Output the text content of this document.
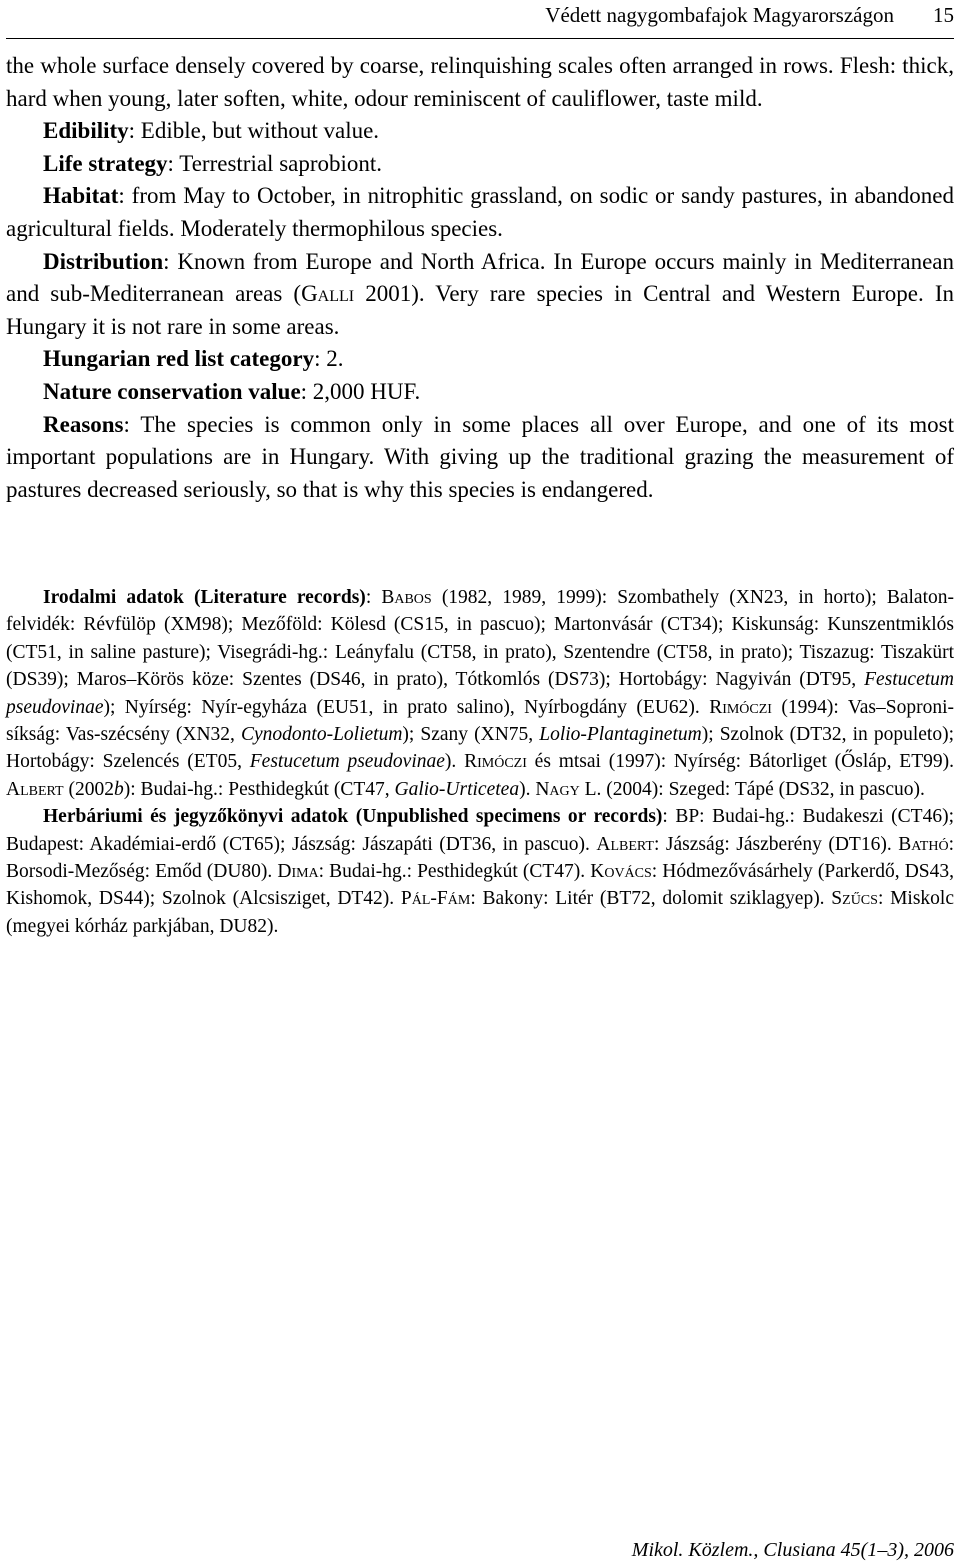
Védett nagygombafajok Magyarországon 15

the whole surface densely covered by coarse, relinquishing scales often arranged in rows. Flesh: thick, hard when young, later soften, white, odour reminiscent of cauliflower, taste mild.

Edibility: Edible, but without value.

Life strategy: Terrestrial saprobiont.

Habitat: from May to October, in nitrophitic grassland, on sodic or sandy pastures, in abandoned agricultural fields. Moderately thermophilous species.

Distribution: Known from Europe and North Africa. In Europe occurs mainly in Mediterranean and sub-Mediterranean areas (Galli 2001). Very rare species in Central and Western Europe. In Hungary it is not rare in some areas.

Hungarian red list category: 2.

Nature conservation value: 2,000 HUF.

Reasons: The species is common only in some places all over Europe, and one of its most important populations are in Hungary. With giving up the traditional grazing the measurement of pastures decreased seriously, so that is why this species is endangered.

Irodalmi adatok (Literature records): Babos (1982, 1989, 1999): Szombathely (XN23, in horto); Balaton-felvidék: Révfülöp (XM98); Mezőföld: Kölesd (CS15, in pascuo); Martonvásár (CT34); Kiskunság: Kunszentmiklós (CT51, in saline pasture); Visegrádi-hg.: Leányfalu (CT58, in prato), Szentendre (CT58, in prato); Tiszazug: Tiszakürt (DS39); Maros–Körös köze: Szentes (DS46, in prato), Tótkomlós (DS73); Hortobágy: Nagyiván (DT95, Festucetum pseudovinae); Nyírség: Nyír-egyháza (EU51, in prato salino), Nyírbogdány (EU62). Rimóczi (1994): Vas–Soproni-síkság: Vas-szécsény (XN32, Cynodonto-Lolietum); Szany (XN75, Lolio-Plantaginetum); Szolnok (DT32, in populeto); Hortobágy: Szelencés (ET05, Festucetum pseudovinae). Rimóczi és mtsai (1997): Nyírség: Bátorliget (Ősláp, ET99). Albert (2002b): Budai-hg.: Pesthidegkút (CT47, Galio-Urticetea). Nagy L. (2004): Szeged: Tápé (DS32, in pascuo).

Herbáriumi és jegyzőkönyvi adatok (Unpublished specimens or records): BP: Budai-hg.: Budakeszi (CT46); Budapest: Akadémiai-erdő (CT65); Jászság: Jászapáti (DT36, in pascuo). Albert: Jászság: Jászberény (DT16). Bathó: Borsodi-Mezőség: Emőd (DU80). Dima: Budai-hg.: Pesthidegkút (CT47). Kovács: Hódmezővásárhely (Parkerdő, DS43, Kishomok, DS44); Szolnok (Alcsisziget, DT42). Pál-Fám: Bakony: Litér (BT72, dolomit sziklagyep). Szűcs: Miskolc (megyei kórház parkjában, DU82).

Mikol. Közlem., Clusiana 45(1–3), 2006
